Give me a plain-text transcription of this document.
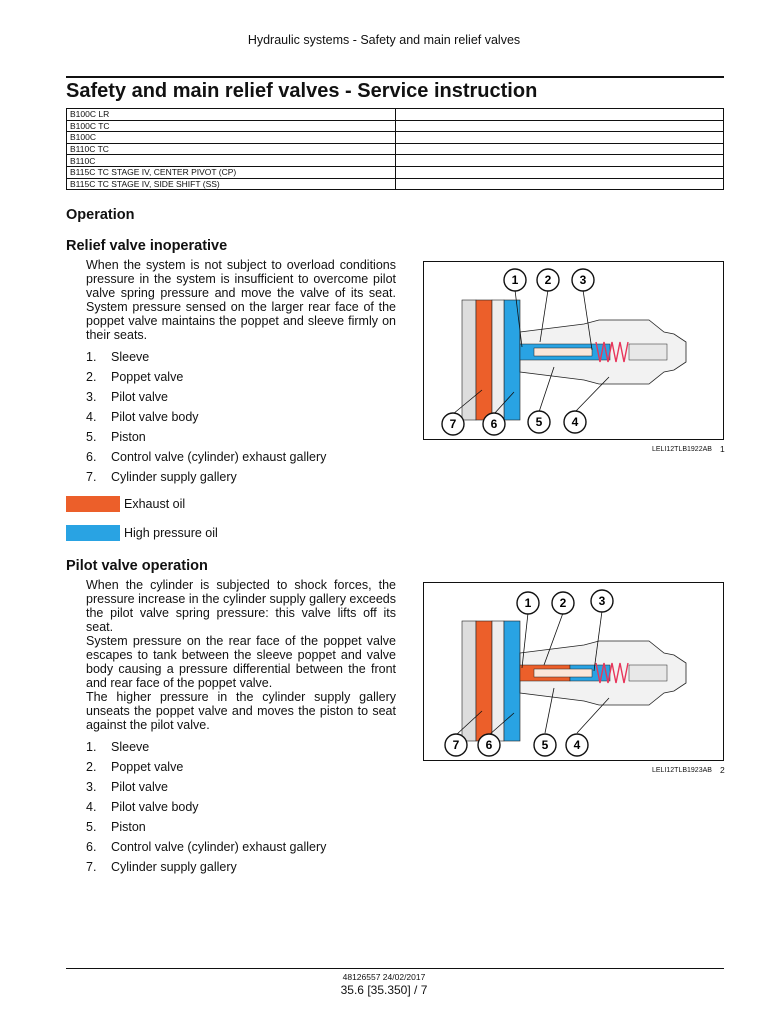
Hydraulic systems - Safety and main relief valves
Safety and main relief valves - Service instruction
B100C LR	
B100C TC	
B100C	
B110C TC	
B110C	
B115C TC STAGE IV, CENTER PIVOT (CP)	
B115C TC STAGE IV, SIDE SHIFT (SS)	
Operation
Relief valve inoperative

When the system is not subject to overload conditions pressure in the system is insufficient to overcome pilot valve spring pressure and move the valve of its seat. System pressure sensed on the larger rear face of the poppet valve maintains the poppet and sleeve firmly on their seats.

1.	Sleeve
2.	Poppet valve
3.	Pilot valve
4.	Pilot valve body
5.	Piston
6.	Control valve (cylinder) exhaust gallery
7.	Cylinder supply gallery
Exhaust oil
High pressure oil
1 2 3
4
5
6
7
LELI12TLB1922AB 1
Pilot valve operation

When the cylinder is subjected to shock forces, the pressure increase in the cylinder supply gallery exceeds the pilot valve spring pressure: this valve lifts off its seat.

System pressure on the rear face of the poppet valve escapes to tank between the sleeve poppet and valve body causing a pressure differential between the front and rear face of the poppet valve.

The higher pressure in the cylinder supply gallery unseats the poppet valve and moves the piston to seat against the pilot valve.

1.	Sleeve
2.	Poppet valve
3.	Pilot valve
4.	Pilot valve body
5.	Piston
6.	Control valve (cylinder) exhaust gallery
7.	Cylinder supply gallery
1 2	3
4
5
6
7
LELI12TLB1923AB 2
48126557 24/02/2017
35.6 [35.350] / 7
